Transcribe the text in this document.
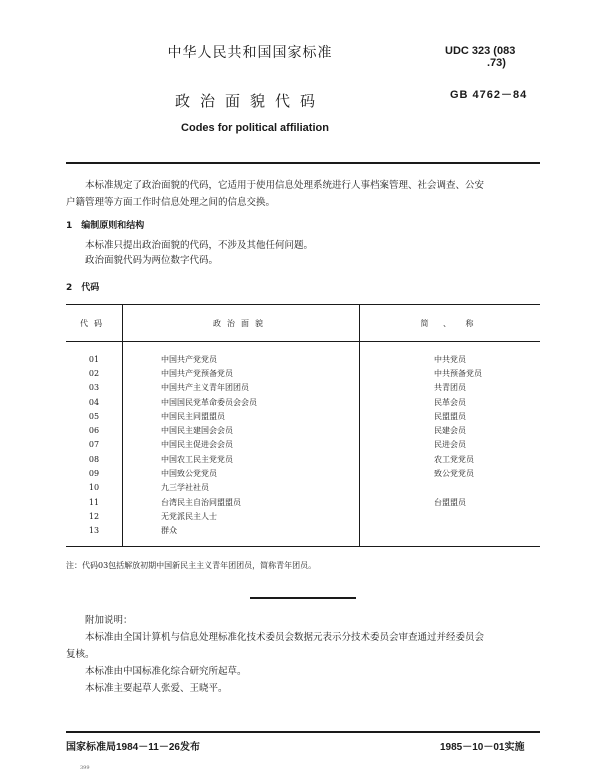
中华人民共和国国家标准	UDC 323 (083
.73)
GB 4762－84
政治面貌代码
Codes for political affiliation
本标准规定了政治面貌的代码，它适用于使用信息处理系统进行人事档案管理、社会调查、公安
户籍管理等方面工作时信息处理之间的信息交换。
1　编制原则和结构
本标准只提出政治面貌的代码，不涉及其他任何问题。
政治面貌代码为两位数字代码。
2　代码
代码	政治面貌	简 、 称
01	中国共产党党员	中共党员
02	中国共产党预备党员	中共预备党员
03	中国共产主义青年团团员	共青团员
04	中国国民党革命委员会会员	民革会员
05	中国民主同盟盟员	民盟盟员
06	中国民主建国会会员	民建会员
07	中国民主促进会会员	民进会员
08	中国农工民主党党员	农工党党员
09	中国致公党党员	致公党党员
10	九三学社社员	
11	台湾民主自治同盟盟员	台盟盟员
12	无党派民主人士	
13	群众	
注：代码03包括解放初期中国新民主主义青年团团员，简称青年团员。
附加说明：
本标准由全国计算机与信息处理标准化技术委员会数据元表示分技术委员会审查通过并经委员会
复核。
本标准由中国标准化综合研究所起草。
本标准主要起草人张爱、王晓平。
国家标准局1984－11－26发布	1985－10－01实施
399
